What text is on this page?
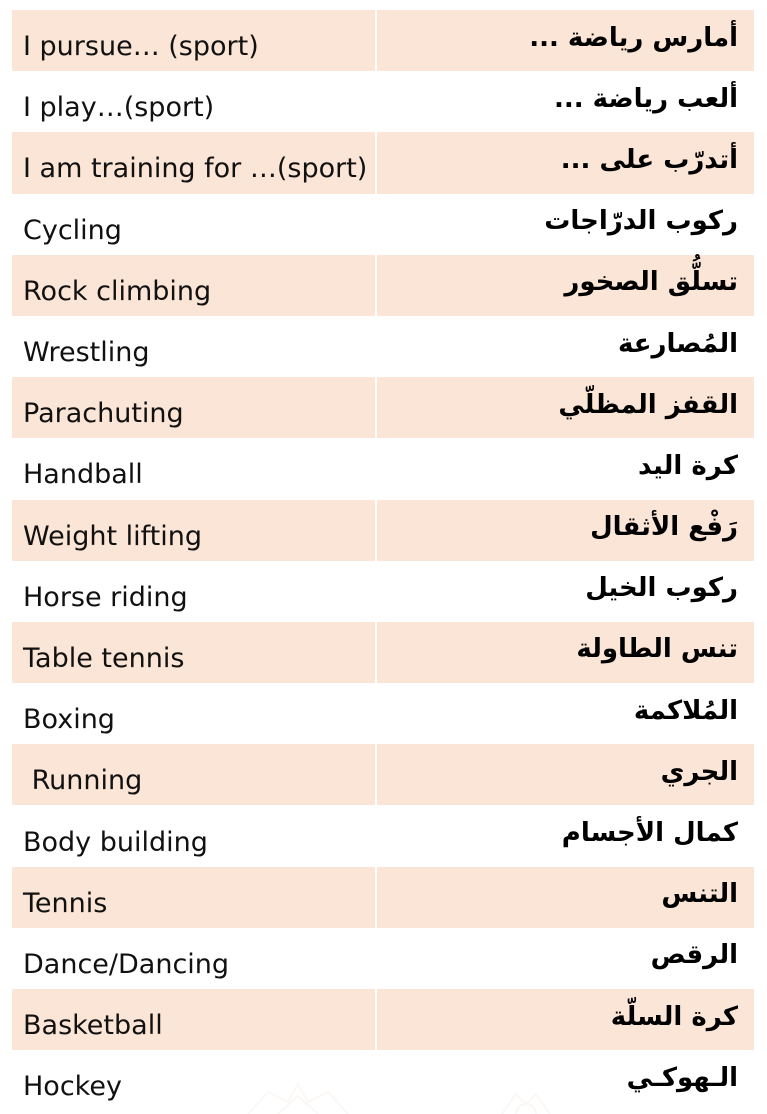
I pursue… (sport)	أمارس رياضة ...

I play…(sport)	ألعب رياضة ...

I am training for …(sport)	أتدرّب على ...

Cycling	ركوب الدرّاجات

Rock climbing	تسلُّق الصخور

Wrestling	المُصارعة

Parachuting	القفز المظلّي

Handball	كرة اليد

Weight lifting	رَفْع الأثقال

Horse riding	ركوب الخيل

Table tennis	تنس الطاولة

Boxing	المُلاكمة

Running	الجري

Body building	كمال الأجسام

Tennis	التنس

Dance/Dancing	الرقص

Basketball	كرة السلّة

Hockey	الـهوكـي
